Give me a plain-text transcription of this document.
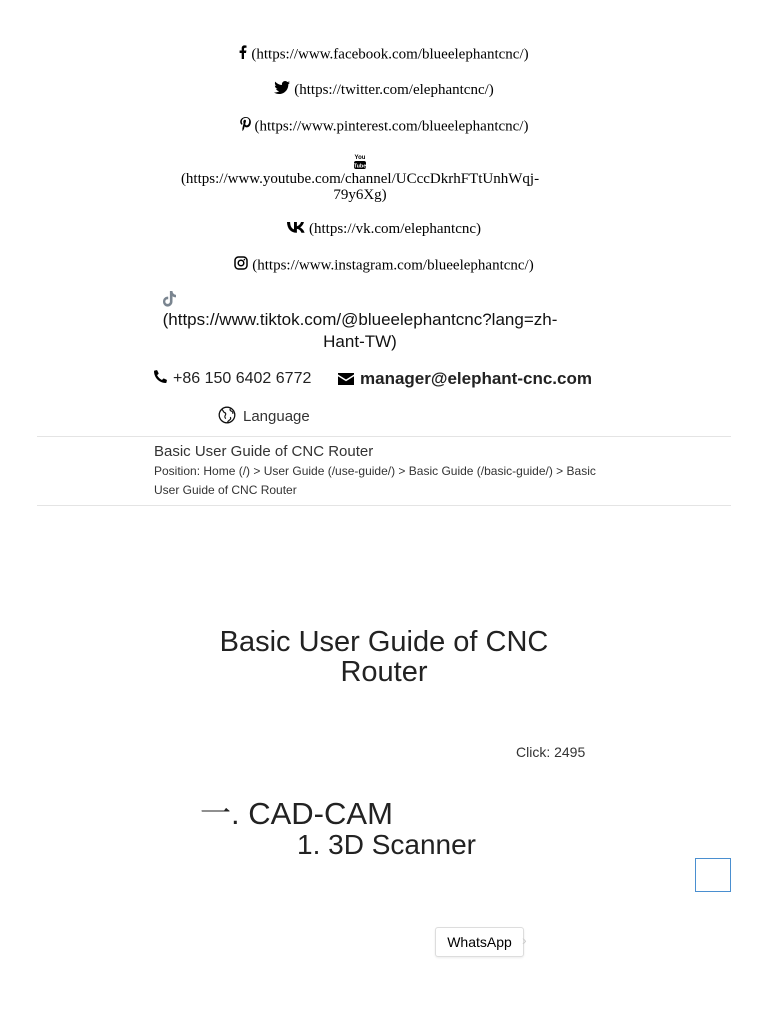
(https://www.facebook.com/blueelephantcnc/)
(https://twitter.com/elephantcnc/)
(https://www.pinterest.com/blueelephantcnc/)
You
Tube
(https://www.youtube.com/channel/UCccDkrhFTtUnhWqj-
79y6Xg)
(https://vk.com/elephantcnc)
(https://www.instagram.com/blueelephantcnc/)
(https://www.tiktok.com/@blueelephantcnc?lang=zh-
Hant-TW)
+86 150 6402 6772	manager@elephant-cnc.com
Language
Basic User Guide of CNC Router
Position: Home (/) > User Guide (/use-guide/) > Basic Guide (/basic-guide/) > Basic
User Guide of CNC Router
Basic User Guide of CNC
Router
Click: 2495
一. CAD-CAM
1. 3D Scanner
WhatsApp ›
